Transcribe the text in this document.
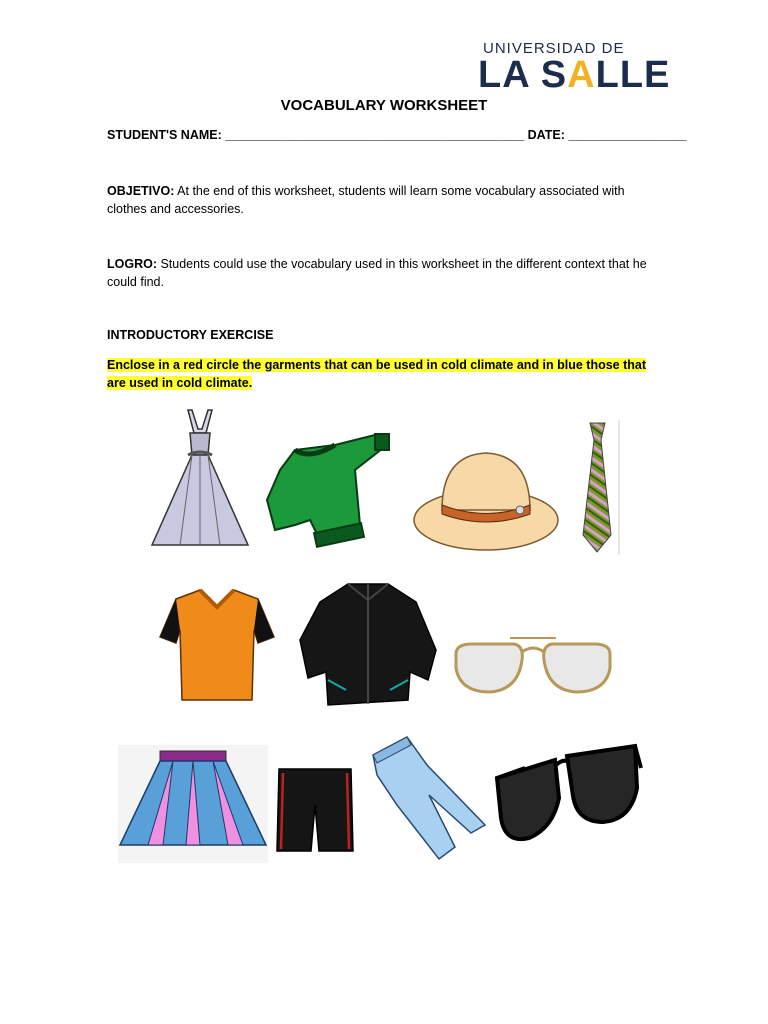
UNIVERSIDAD DE
LA SALLE
VOCABULARY WORKSHEET
STUDENT'S NAME: ___________________________________________ DATE: _________________
OBJETIVO: At the end of this worksheet, students will learn some vocabulary associated with clothes and accessories.
LOGRO: Students could use the vocabulary used in this worksheet in the different context that he could find.
INTRODUCTORY EXERCISE
Enclose in a red circle the garments that can be used in cold climate and in blue those that are used in cold climate.
